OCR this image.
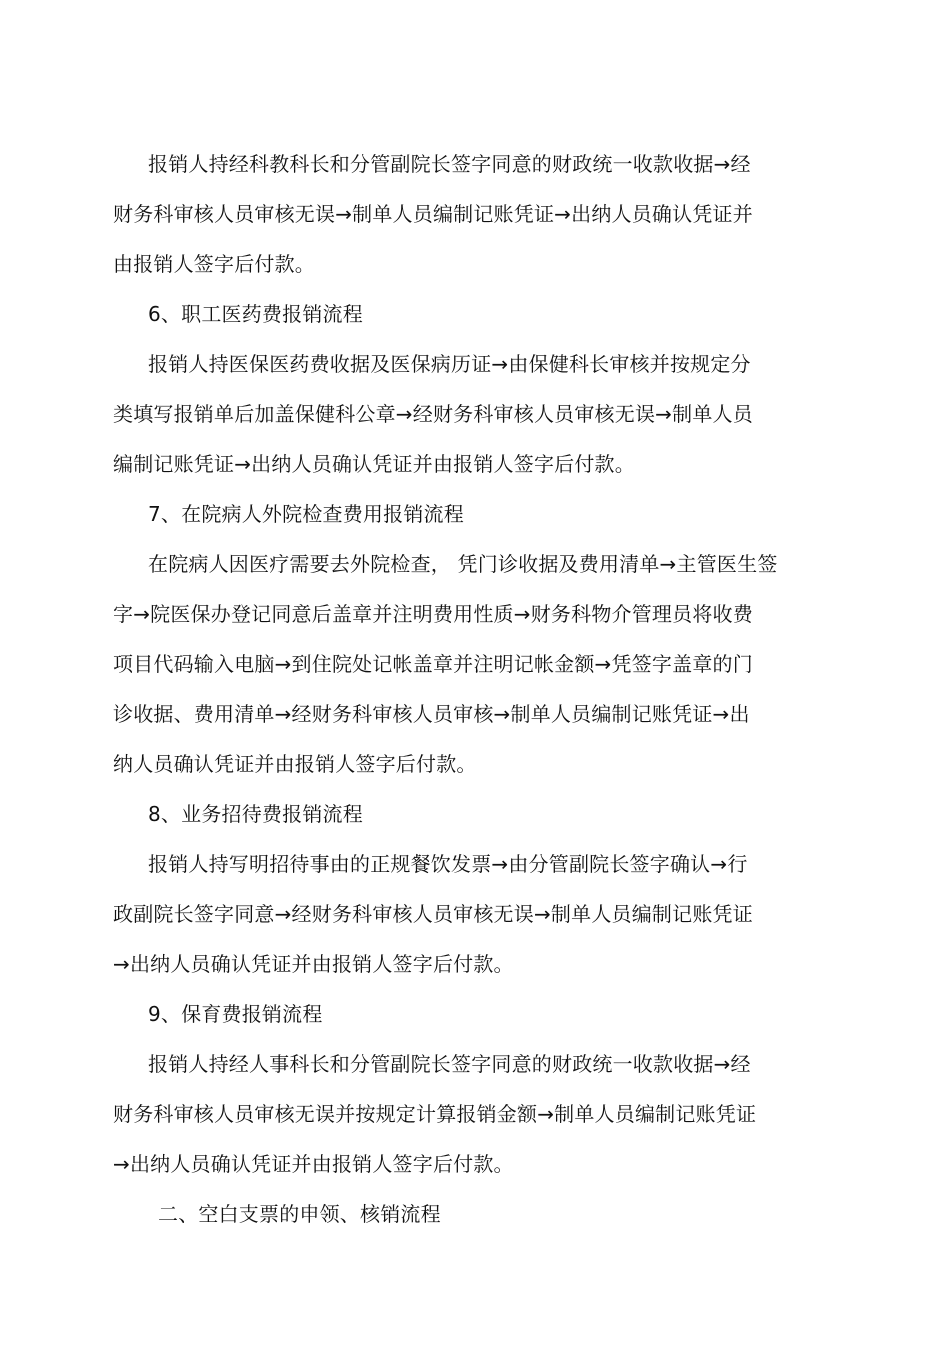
报销人持经科教科长和分管副院长签字同意的财政统一收款收据→经
财务科审核人员审核无误→制单人员编制记账凭证→出纳人员确认凭证并
由报销人签字后付款。
6、职工医药费报销流程
报销人持医保医药费收据及医保病历证→由保健科长审核并按规定分
类填写报销单后加盖保健科公章→经财务科审核人员审核无误→制单人员
编制记账凭证→出纳人员确认凭证并由报销人签字后付款。
7、在院病人外院检查费用报销流程
在院病人因医疗需要去外院检查， 凭门诊收据及费用清单→主管医生签
字→院医保办登记同意后盖章并注明费用性质→财务科物介管理员将收费
项目代码输入电脑→到住院处记帐盖章并注明记帐金额→凭签字盖章的门
诊收据、费用清单→经财务科审核人员审核→制单人员编制记账凭证→出
纳人员确认凭证并由报销人签字后付款。
8、业务招待费报销流程
报销人持写明招待事由的正规餐饮发票→由分管副院长签字确认→行
政副院长签字同意→经财务科审核人员审核无误→制单人员编制记账凭证
→出纳人员确认凭证并由报销人签字后付款。
9、保育费报销流程
报销人持经人事科长和分管副院长签字同意的财政统一收款收据→经
财务科审核人员审核无误并按规定计算报销金额→制单人员编制记账凭证
→出纳人员确认凭证并由报销人签字后付款。
二、空白支票的申领、核销流程
